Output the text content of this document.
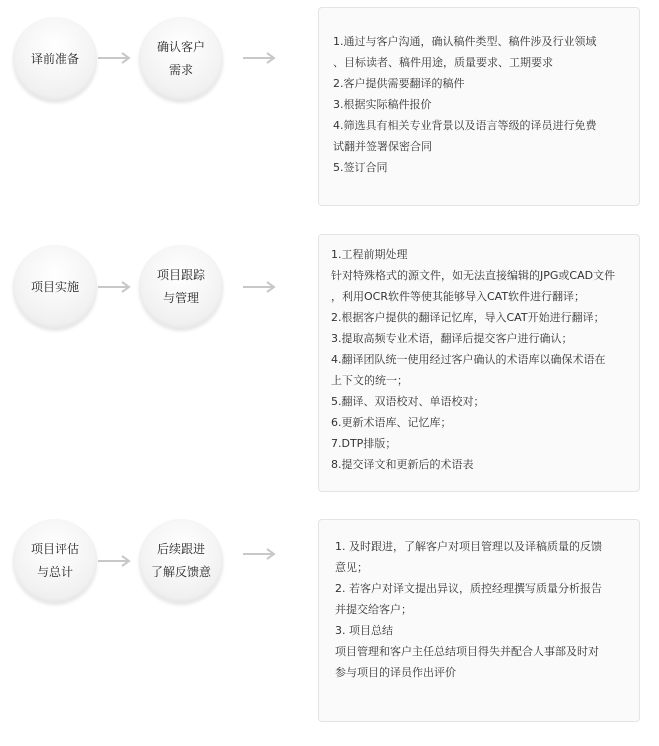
译前准备
确认客户
需求

1.通过与客户沟通，确认稿件类型、稿件涉及行业领域

、目标读者、稿件用途，质量要求、工期要求

2.客户提供需要翻译的稿件

3.根据实际稿件报价

4.筛选具有相关专业背景以及语言等级的译员进行免费

试翻并签署保密合同

5.签订合同

项目实施
项目跟踪
与管理

1.工程前期处理

针对特殊格式的源文件，如无法直接编辑的JPG或CAD文件

，利用OCR软件等使其能够导入CAT软件进行翻译；

2.根据客户提供的翻译记忆库，导入CAT开始进行翻译；

3.提取高频专业术语，翻译后提交客户进行确认；

4.翻译团队统一使用经过客户确认的术语库以确保术语在

上下文的统一；

5.翻译、双语校对、单语校对；

6.更新术语库、记忆库；

7.DTP排版；

8.提交译文和更新后的术语表

项目评估
与总计
后续跟进
了解反馈意

1. 及时跟进，了解客户对项目管理以及译稿质量的反馈

意见；

2. 若客户对译文提出异议，质控经理撰写质量分析报告

并提交给客户；

3. 项目总结

项目管理和客户主任总结项目得失并配合人事部及时对

参与项目的译员作出评价
